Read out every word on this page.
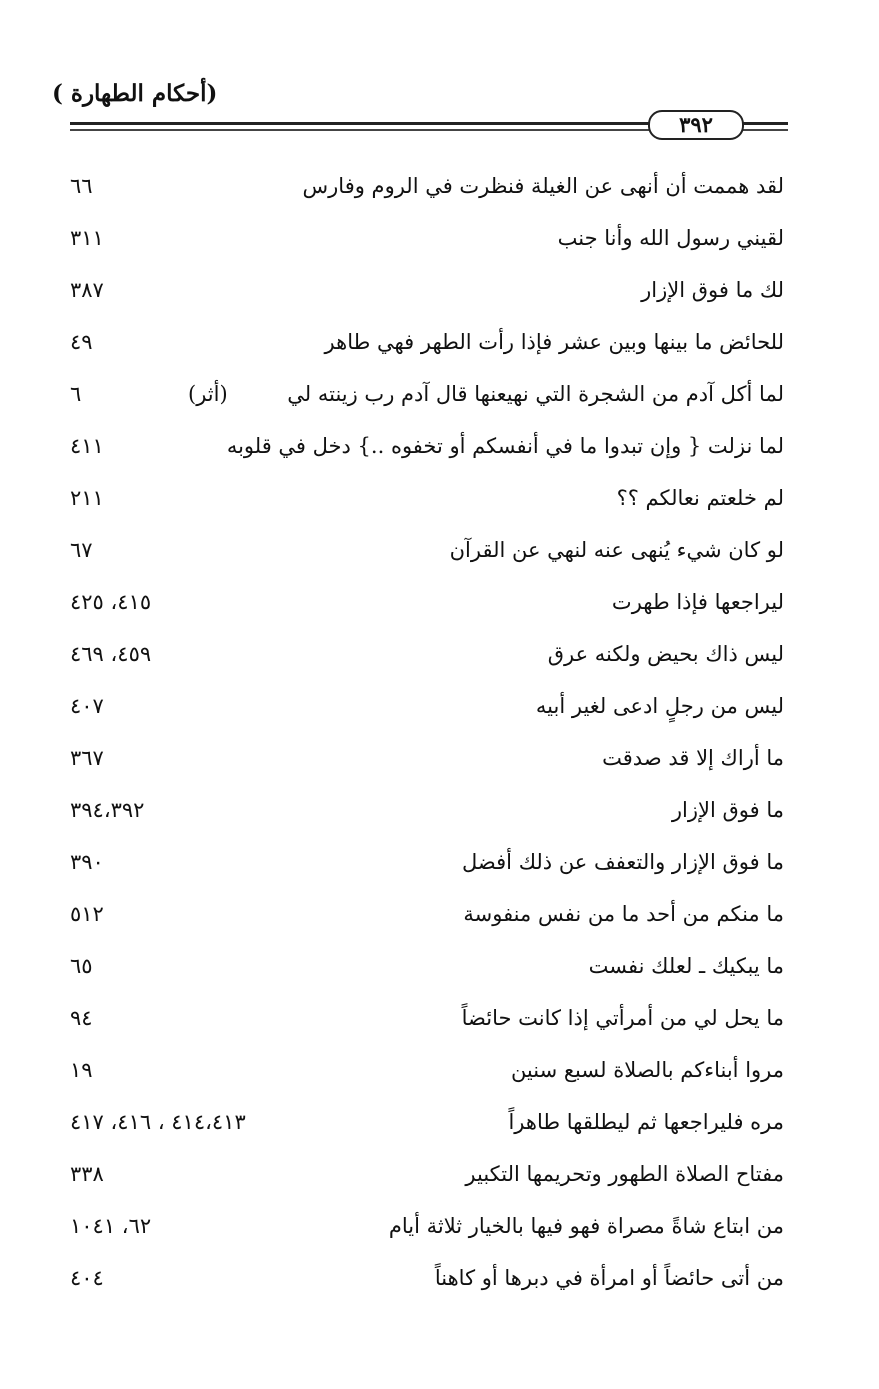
(أحكام الطهارة )
٣٩٢
لقد هممت أن أنهى عن الغيلة فنظرت في الروم وفارس
٦٦
لقيني رسول الله وأنا جنب
٣١١
لك ما فوق الإزار
٣٨٧
للحائض ما بينها وبين عشر فإذا رأت الطهر فهي طاهر
٤٩
لما أكل آدم من الشجرة التي نهيعنها قال آدم رب زينته لي
(أثر)
٦
لما نزلت { وإن تبدوا ما في أنفسكم أو تخفوه ..} دخل في قلوبه
٤١١
لم خلعتم نعالكم ؟؟
٢١١
لو كان شيء يُنهى عنه لنهي عن القرآن
٦٧
ليراجعها فإذا طهرت
٤١٥، ٤٢٥
ليس ذاك بحيض ولكنه عرق
٤٥٩، ٤٦٩
ليس من رجلٍ ادعى لغير أبيه
٤٠٧
ما أراك إلا قد صدقت
٣٦٧
ما فوق الإزار
٣٩٤،٣٩٢
ما فوق الإزار والتعفف عن ذلك أفضل
٣٩٠
ما منكم من أحد ما من نفس منفوسة
٥١٢
ما يبكيك ـ لعلك نفست
٦٥
ما يحل لي من أمرأتي إذا كانت حائضاً
٩٤
مروا أبناءكم بالصلاة لسبع سنين
١٩
مره فليراجعها ثم ليطلقها طاهراً
٤١٤،٤١٣ ، ٤١٦، ٤١٧
مفتاح الصلاة الطهور وتحريمها التكبير
٣٣٨
من ابتاع شاةً مصراة فهو فيها بالخيار ثلاثة أيام
٦٢، ١٠٤١
من أتى حائضاً أو امرأة في دبرها أو كاهناً
٤٠٤
